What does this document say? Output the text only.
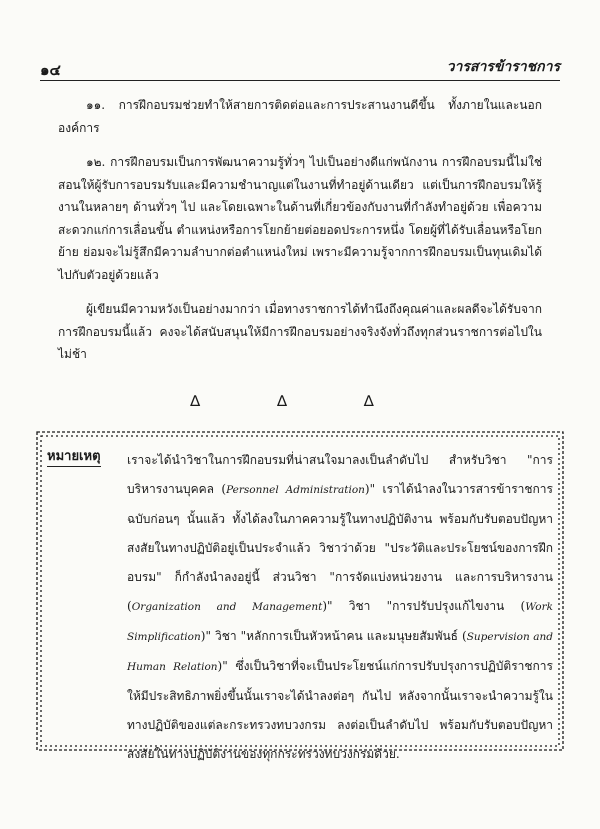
๑๔	วารสารข้าราชการ

๑๑. การฝึกอบรมช่วยทำให้สายการติดต่อและการประสานงานดีขึ้น ทั้งภายในและนอกองค์การ

๑๒. การฝึกอบรมเป็นการพัฒนาความรู้ทั่วๆ ไปเป็นอย่างดีแก่พนักงาน การฝึกอบรมนี้ไม่ใช่สอนให้ผู้รับการอบรมรับและมีความชำนาญแต่ในงานที่ทำอยู่ด้านเดียว แต่เป็นการฝึกอบรมให้รู้งานในหลายๆ ด้านทั่วๆ ไป และโดยเฉพาะในด้านที่เกี่ยวข้องกับงานที่กำลังทำอยู่ด้วย เพื่อความสะดวกแก่การเลื่อนขั้น ตำแหน่งหรือการโยกย้ายต่อยอดประการหนึ่ง โดยผู้ที่ได้รับเลื่อนหรือโยกย้าย ย่อมจะไม่รู้สึกมีความลำบากต่อตำแหน่งใหม่ เพราะมีความรู้จากการฝึกอบรมเป็นทุนเดิมได้ไปกับตัวอยู่ด้วยแล้ว

ผู้เขียนมีความหวังเป็นอย่างมากว่า เมื่อทางราชการได้ทำนึงถึงคุณค่าและผลดีจะได้รับจากการฝึกอบรมนี้แล้ว คงจะได้สนับสนุนให้มีการฝึกอบรมอย่างจริงจังทั่วถึงทุกส่วนราชการต่อไปในไม่ช้า

∆ ∆ ∆
หมายเหตุ เราจะได้นำวิชาในการฝึกอบรมที่น่าสนใจมาลงเป็นลำดับไป สำหรับวิชา "การบริหารงานบุคคล (Personnel Administration)" เราได้นำลงในวารสารข้าราชการฉบับก่อนๆ นั้นแล้ว ทั้งได้ลงในภาคความรู้ในทางปฏิบัติงาน พร้อมกับรับตอบปัญหาสงสัยในทางปฏิบัติอยู่เป็นประจำแล้ว วิชาว่าด้วย "ประวัติและประโยชน์ของการฝึกอบรม" ก็กำลังนำลงอยู่นี้ ส่วนวิชา "การจัดแบ่งหน่วยงาน และการบริหารงาน (Organization and Management)" วิชา "การปรับปรุงแก้ไขงาน (Work Simplification)" วิชา "หลักการเป็นหัวหน้าคน และมนุษยสัมพันธ์ (Supervision and Human Relation)" ซึ่งเป็นวิชาที่จะเป็นประโยชน์แก่การปรับปรุงการปฏิบัติราชการให้มีประสิทธิภาพยิ่งขึ้นนั้นเราจะได้นำลงต่อๆ กันไป หลังจากนั้นเราจะนำความรู้ในทางปฏิบัติของแต่ละกระทรวงทบวงกรม ลงต่อเป็นลำดับไป พร้อมกับรับตอบปัญหาสงสัยในทางปฏิบัติงานของทุกกระทรวงทบวงกรมด้วย.
